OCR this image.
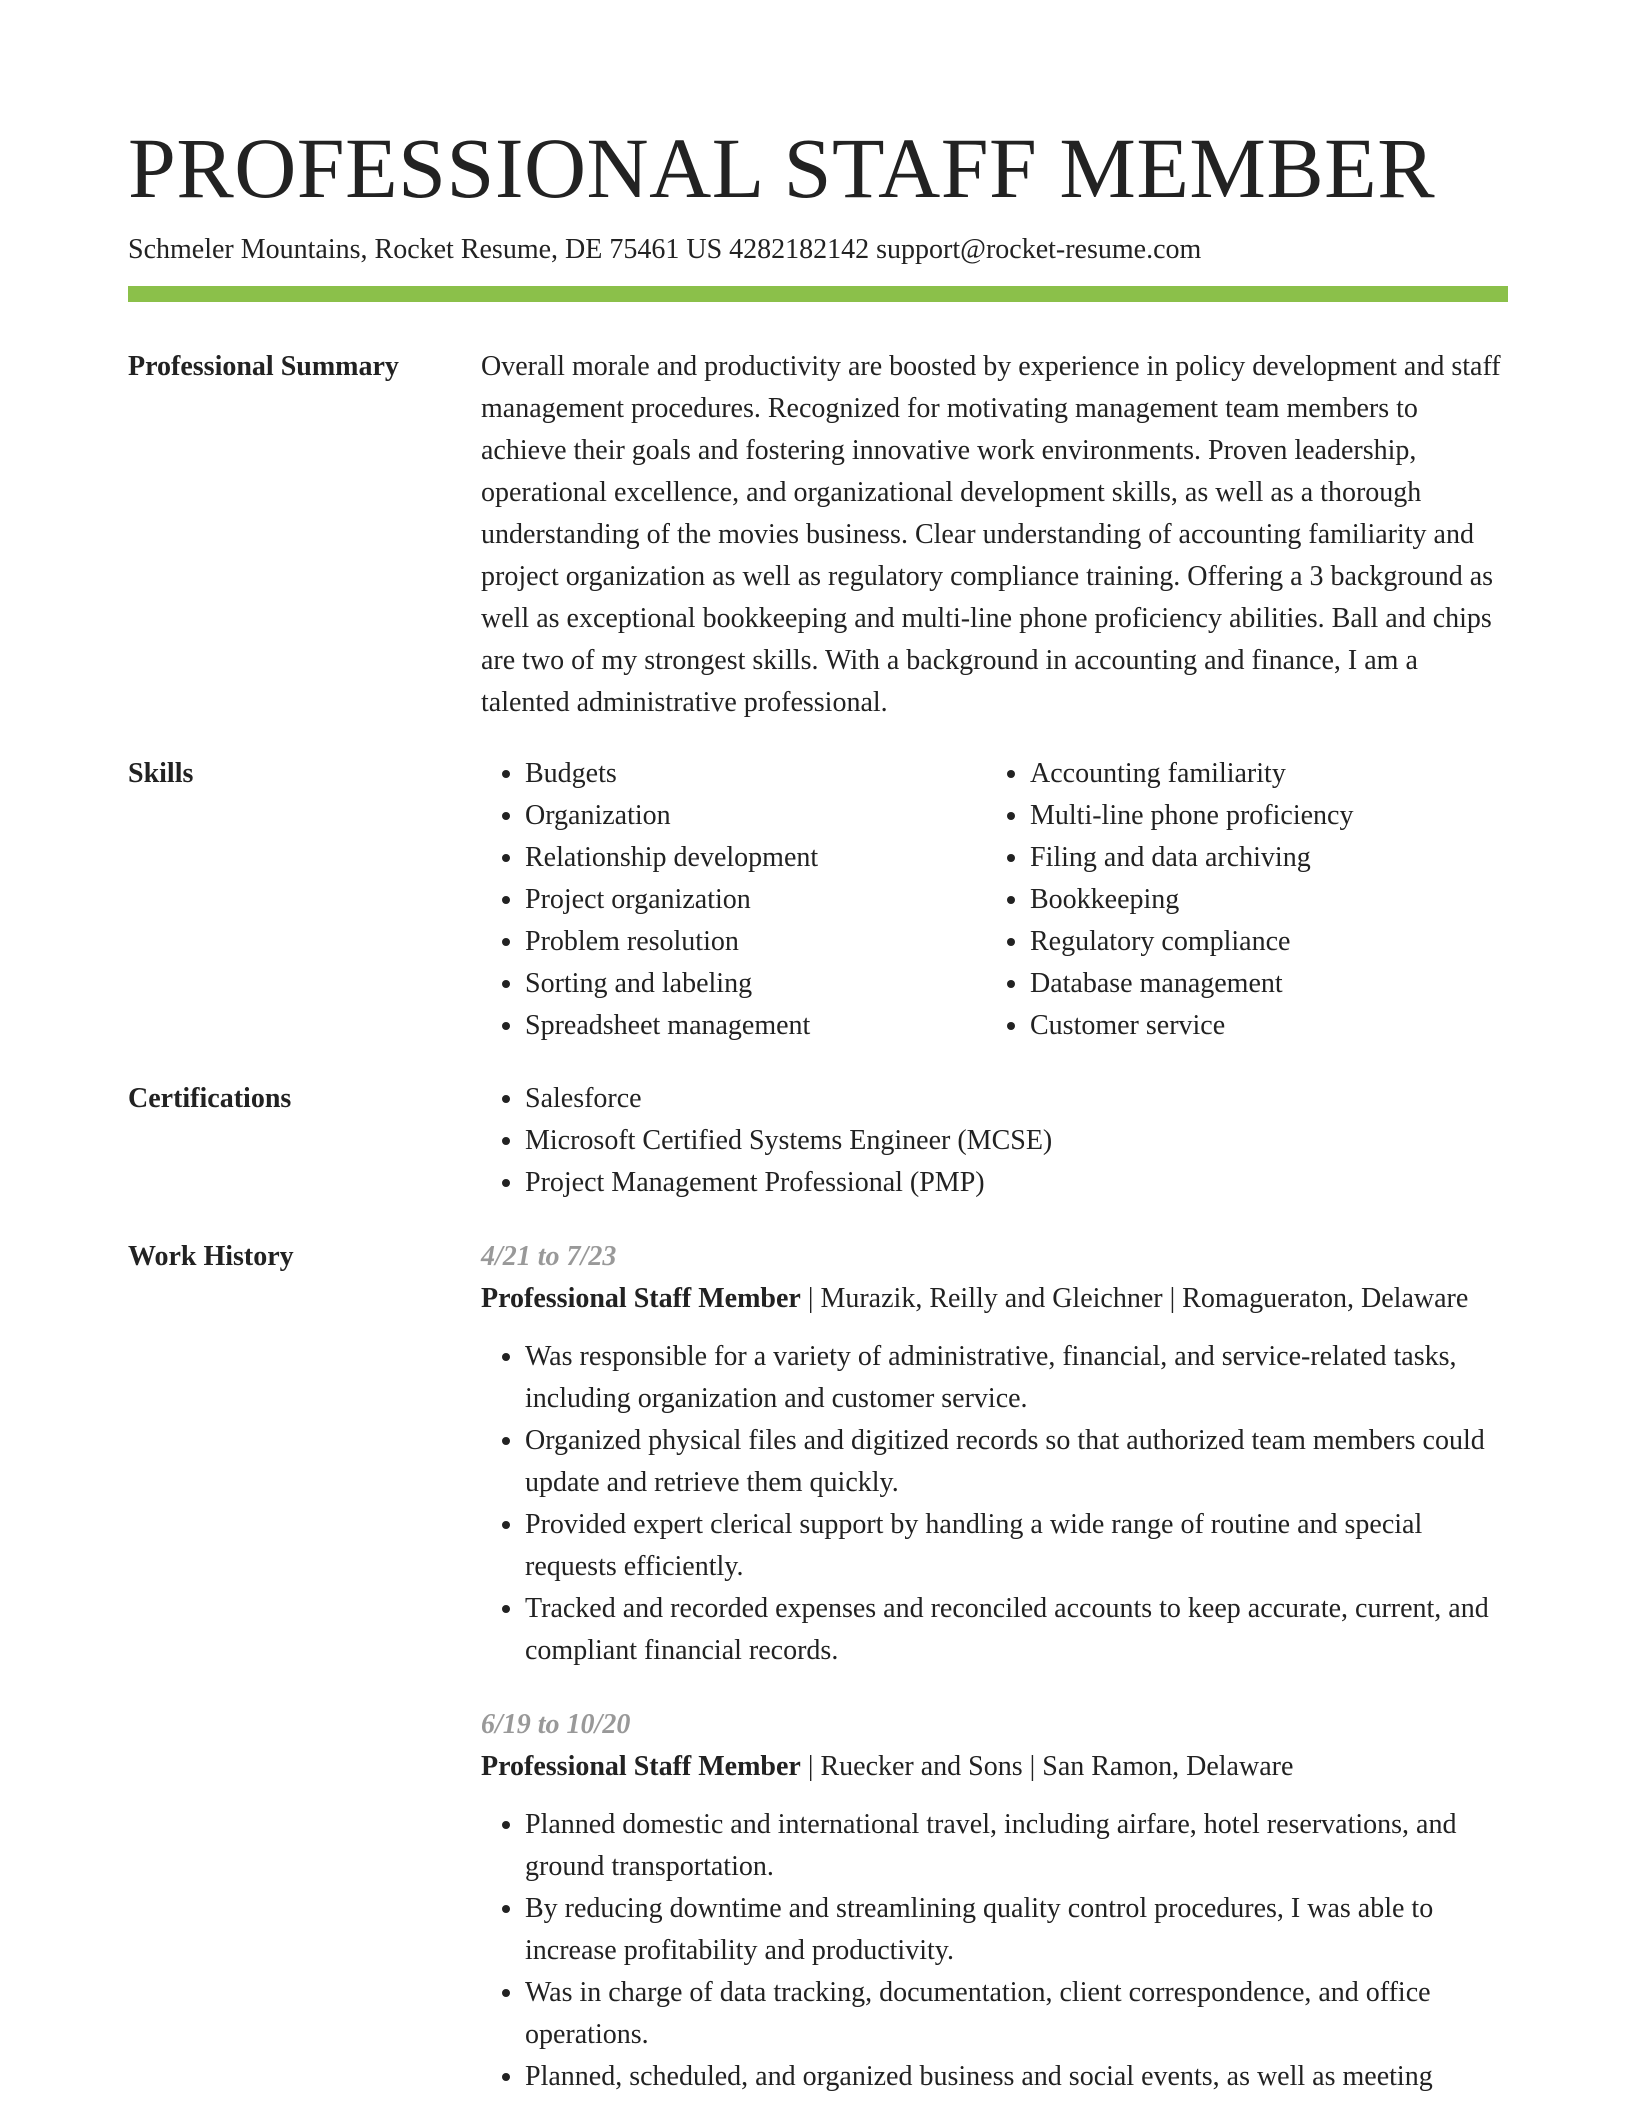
PROFESSIONAL STAFF MEMBER
Schmeler Mountains, Rocket Resume, DE 75461 US 4282182142 support@rocket-resume.com
Professional Summary	Overall morale and productivity are boosted by experience in policy development and staff management procedures. Recognized for motivating management team members to achieve their goals and fostering innovative work environments. Proven leadership, operational excellence, and organizational development skills, as well as a thorough understanding of the movies business. Clear understanding of accounting familiarity and project organization as well as regulatory compliance training. Offering a 3 background as well as exceptional bookkeeping and multi-line phone proficiency abilities. Ball and chips are two of my strongest skills. With a background in accounting and finance, I am a talented administrative professional.

Skills	• Budgets
• Organization
• Relationship development
• Project organization
• Problem resolution
• Sorting and labeling
• Spreadsheet management
• Accounting familiarity
• Multi-line phone proficiency
• Filing and data archiving
• Bookkeeping
• Regulatory compliance
• Database management
• Customer service
Certifications	• Salesforce
• Microsoft Certified Systems Engineer (MCSE)
• Project Management Professional (PMP)
Work History	4/21 to 7/23
Professional Staff Member | Murazik, Reilly and Gleichner | Romagueraton, Delaware
• Was responsible for a variety of administrative, financial, and service-related tasks, including organization and customer service.
• Organized physical files and digitized records so that authorized team members could update and retrieve them quickly.
• Provided expert clerical support by handling a wide range of routine and special requests efficiently.
• Tracked and recorded expenses and reconciled accounts to keep accurate, current, and compliant financial records.
6/19 to 10/20
Professional Staff Member | Ruecker and Sons | San Ramon, Delaware
• Planned domestic and international travel, including airfare, hotel reservations, and ground transportation.
• By reducing downtime and streamlining quality control procedures, I was able to increase profitability and productivity.
• Was in charge of data tracking, documentation, client correspondence, and office operations.
• Planned, scheduled, and organized business and social events, as well as meeting
